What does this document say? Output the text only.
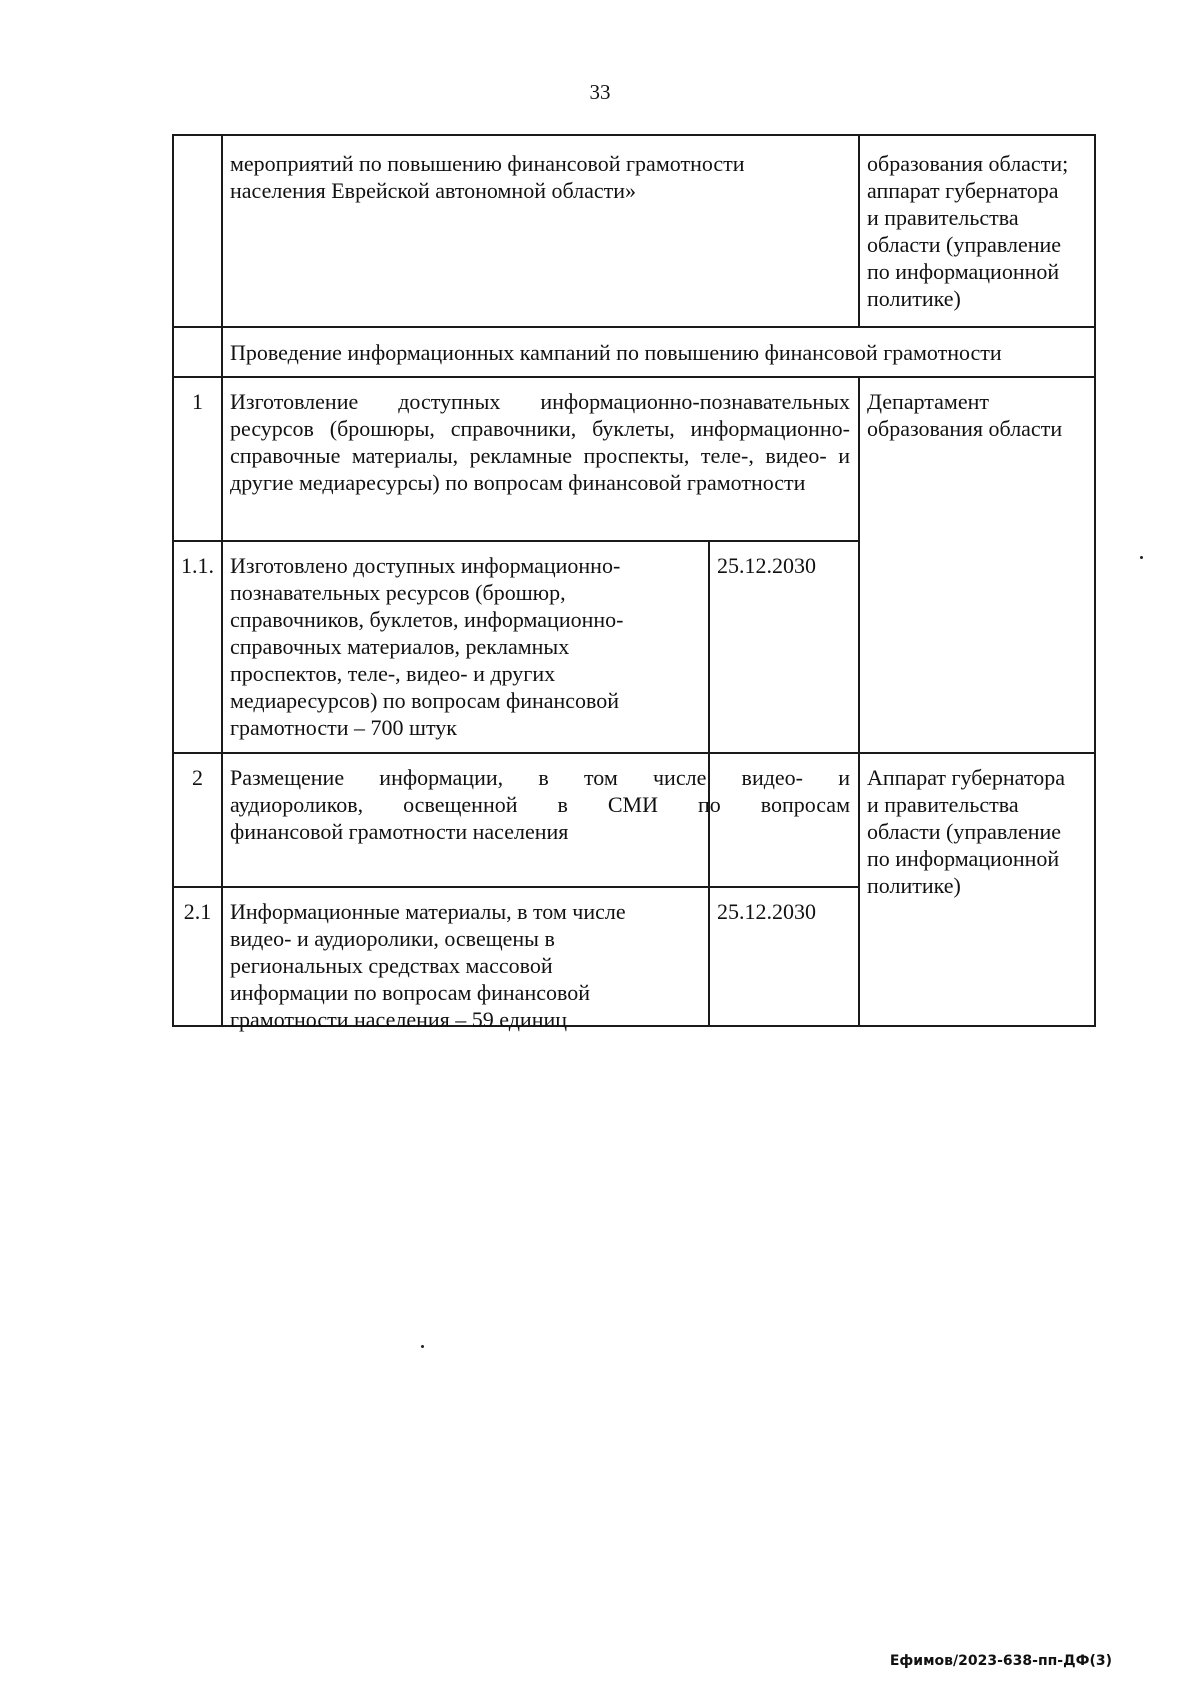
33
мероприятий по повышению финансовой грамотности
населения Еврейской автономной области»
образования области;
аппарат губернатора
и правительства
области (управление
по информационной
политике)
Проведение информационных кампаний по повышению финансовой грамотности
1	Изготовление доступных информационно-познавательных ресурсов (брошюры, справочники, буклеты, информационно-справочные материалы, рекламные проспекты, теле-, видео- и другие медиаресурсы) по вопросам финансовой грамотности
Департамент образования области
1.1. Изготовлено доступных информационно-
познавательных ресурсов (брошюр,
справочников, буклетов, информационно-
справочных материалов, рекламных
проспектов, теле-, видео- и других
медиаресурсов) по вопросам финансовой
грамотности – 700 штук
25.12.2030
2	Размещение информации, в том числе видео- и
аудиороликов, освещенной в СМИ по вопросам
финансовой грамотности населения
Аппарат губернатора
и правительства
области (управление
по информационной
политике)
2.1 Информационные материалы, в том числе
видео- и аудиоролики, освещены в
региональных средствах массовой
информации по вопросам финансовой
грамотности населения – 59 единиц
25.12.2030
Ефимов/2023-638-пп-ДФ(3)
